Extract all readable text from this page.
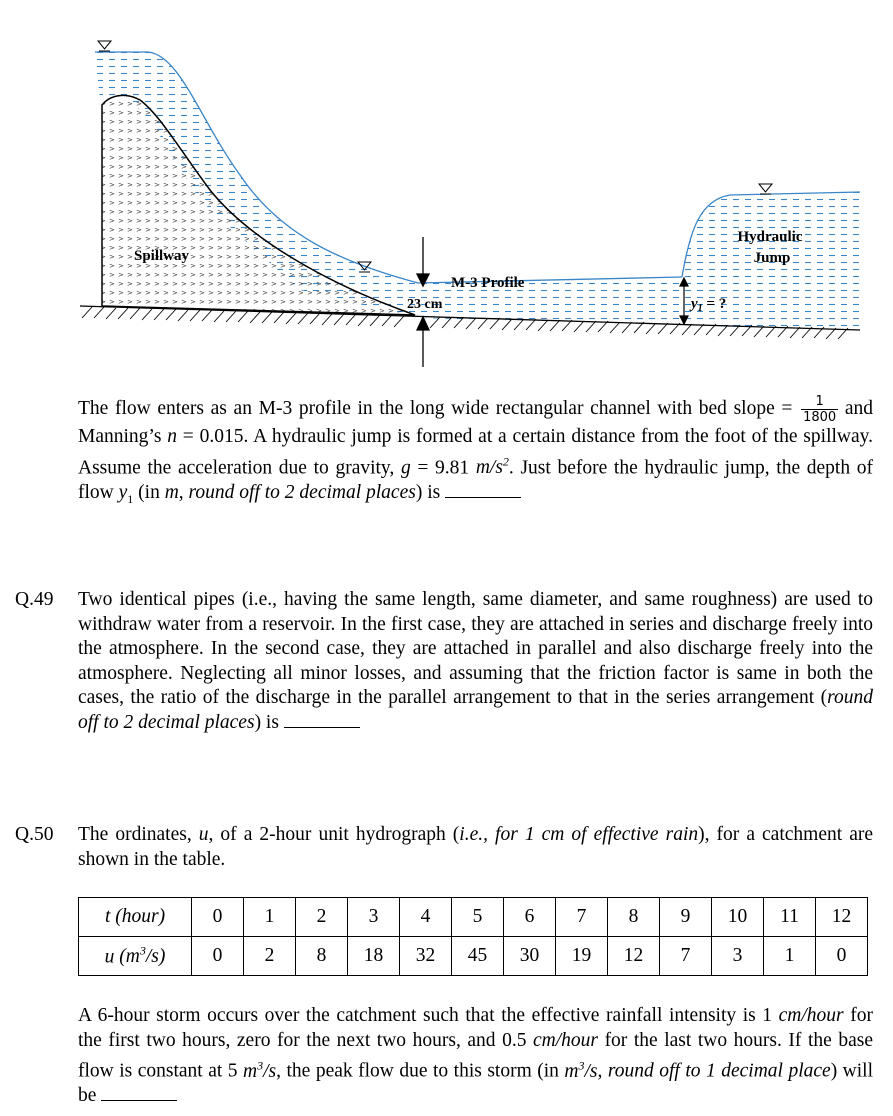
Spillway
M-3 Profile
23 cm
Hydraulic
Jump
$y_1$ = ?
The flow enters as an M-3 profile in the long wide rectangular channel with bed slope = $\frac{1}{1800}$ and Manning’s n = 0.015. A hydraulic jump is formed at a certain distance from the foot of the spillway. Assume the acceleration due to gravity, g = 9.81 $m/s^2$. Just before the hydraulic jump, the depth of flow $y_1$ (in m, round off to 2 decimal places) is
Q.49 Two identical pipes (i.e., having the same length, same diameter, and same roughness) are used to withdraw water from a reservoir. In the first case, they are attached in series and discharge freely into the atmosphere. In the second case, they are attached in parallel and also discharge freely into the atmosphere. Neglecting all minor losses, and assuming that the friction factor is same in both the cases, the ratio of the discharge in the parallel arrangement to that in the series arrangement (round off to 2 decimal places) is
Q.50 The ordinates, u, of a 2-hour unit hydrograph (i.e., for 1 cm of effective rain), for a catchment are shown in the table.
t (hour)	0	1	2	3	4	5	6	7	8	9	10	11	12
u $(m^3/s)$	0	2	8	18	32	45	30	19	12	7	3	1	0
A 6-hour storm occurs over the catchment such that the effective rainfall intensity is 1 cm/hour for the first two hours, zero for the next two hours, and 0.5 cm/hour for the last two hours. If the base flow is constant at 5 $m^3/s$, the peak flow due to this storm (in $m^3/s$, round off to 1 decimal place) will be
